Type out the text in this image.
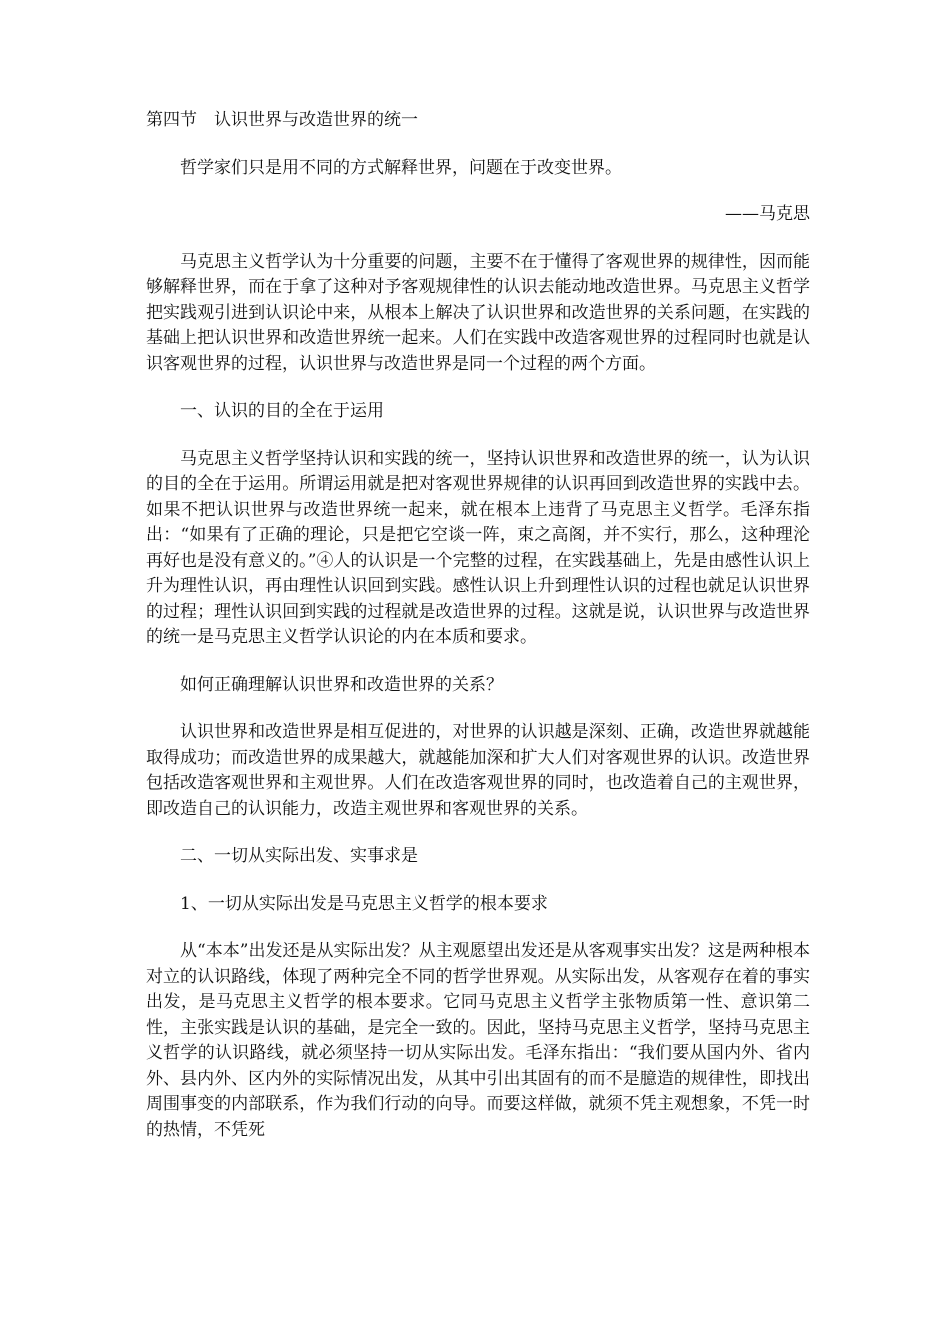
第四节　认识世界与改造世界的统一

哲学家们只是用不同的方式解释世界，问题在于改变世界。

——马克思

马克思主义哲学认为十分重要的问题，主要不在于懂得了客观世界的规律性，因而能够解释世界，而在于拿了这种对予客观规律性的认识去能动地改造世界。马克思主义哲学把实践观引进到认识论中来，从根本上解决了认识世界和改造世界的关系问题，在实践的基础上把认识世界和改造世界统一起来。人们在实践中改造客观世界的过程同时也就是认识客观世界的过程，认识世界与改造世界是同一个过程的两个方面。

一、认识的目的全在于运用

马克思主义哲学坚持认识和实践的统一，坚持认识世界和改造世界的统一，认为认识的目的全在于运用。所谓运用就是把对客观世界规律的认识再回到改造世界的实践中去。如果不把认识世界与改造世界统一起来，就在根本上违背了马克思主义哲学。毛泽东指出：“如果有了正确的理论，只是把它空谈一阵，束之高阁，并不实行，那么，这种理沦再好也是没有意义的。”④人的认识是一个完整的过程，在实践基础上，先是由感性认识上升为理性认识，再由理性认识回到实践。感性认识上升到理性认识的过程也就足认识世界的过程；理性认识回到实践的过程就是改造世界的过程。这就是说，认识世界与改造世界的统一是马克思主义哲学认识论的内在本质和要求。

如何正确理解认识世界和改造世界的关系？

认识世界和改造世界是相互促进的，对世界的认识越是深刻、正确，改造世界就越能取得成功；而改造世界的成果越大，就越能加深和扩大人们对客观世界的认识。改造世界包括改造客观世界和主观世界。人们在改造客观世界的同时，也改造着自己的主观世界，即改造自己的认识能力，改造主观世界和客观世界的关系。

二、一切从实际出发、实事求是

1、一切从实际出发是马克思主义哲学的根本要求

从“本本”出发还是从实际出发？从主观愿望出发还是从客观事实出发？这是两种根本对立的认识路线，体现了两种完全不同的哲学世界观。从实际出发，从客观存在着的事实出发，是马克思主义哲学的根本要求。它同马克思主义哲学主张物质第一性、意识第二性，主张实践是认识的基础，是完全一致的。因此，坚持马克思主义哲学，坚持马克思主义哲学的认识路线，就必须坚持一切从实际出发。毛泽东指出：“我们要从国内外、省内外、县内外、区内外的实际情况出发，从其中引出其固有的而不是臆造的规律性，即找出周围事变的内部联系，作为我们行动的向导。而要这样做，就须不凭主观想象，不凭一时的热情，不凭死
